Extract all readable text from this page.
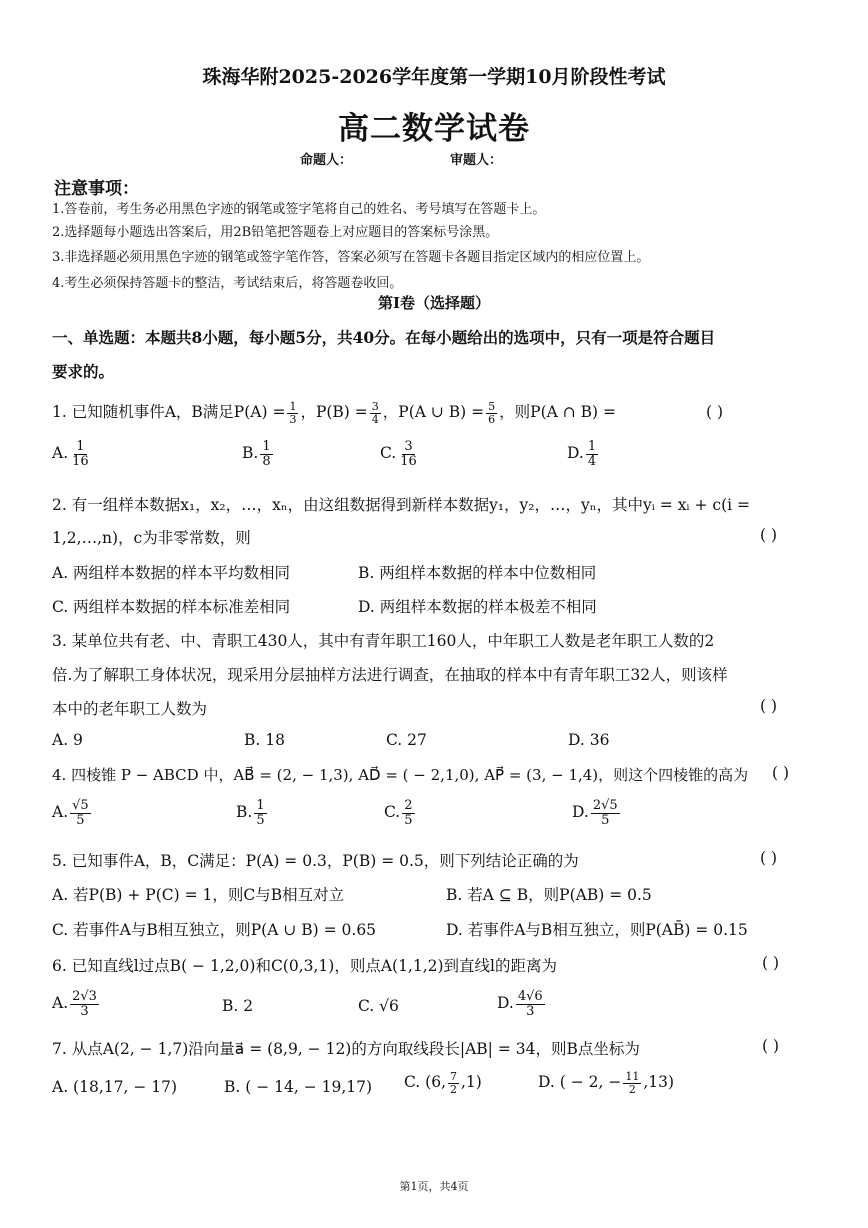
珠海华附2025-2026学年度第一学期10月阶段性考试
高二数学试卷
命题人：	审题人：
注意事项：
1.答卷前，考生务必用黑色字迹的钢笔或签字笔将自己的姓名、考号填写在答题卡上。
2.选择题每小题选出答案后，用2B铅笔把答题卷上对应题目的答案标号涂黑。
3.非选择题必须用黑色字迹的钢笔或签字笔作答，答案必须写在答题卡各题目指定区域内的相应位置上。
4.考生必须保持答题卡的整洁，考试结束后，将答题卷收回。
第Ⅰ卷（选择题）
一、单选题：本题共8小题，每小题5分，共40分。在每小题给出的选项中，只有一项是符合题目
要求的。
1. 已知随机事件A，B满足$P(A) = \frac{1}{3}$ ，$P(B) = \frac{3}{4}$ ，P(A ∪ $B) = \frac{5}{6}$ ，则P(A ∩ B) =	( )
A. $\frac{1}{16}$	B. $\frac{1}{8}$	C. $\frac{3}{16}$	D. $\frac{1}{4}$
2. 有一组样本数据x₁，x₂，…，xₙ，由这组数据得到新样本数据y₁，y₂，…，yₙ，其中yᵢ = xᵢ + c(i =
1,2,…,n)，c为非零常数，则	( )
A. 两组样本数据的样本平均数相同	B. 两组样本数据的样本中位数相同
C. 两组样本数据的样本标准差相同	D. 两组样本数据的样本极差不相同
3. 某单位共有老、中、青职工430人，其中有青年职工160人，中年职工人数是老年职工人数的2
倍.为了解职工身体状况，现采用分层抽样方法进行调查，在抽取的样本中有青年职工32人，则该样
本中的老年职工人数为	( )
A. 9	B. 18	C. 27	D. 36
4. 四棱锥 P − ABCD 中，AB⃗ = (2, − 1,3), AD⃗ = ( − 2,1,0), AP⃗ = (3, − 1,4)，则这个四棱锥的高为 ( )
A. $\frac{√5}{5}$	B. $\frac{1}{5}$	C. $\frac{2}{5}$	D. $\frac{2√5}{5}$
5. 已知事件A，B，C满足：P(A) = 0.3，P(B) = 0.5，则下列结论正确的为	( )
A. 若P(B) + P(C) = 1，则C与B相互对立	B. 若A ⊆ B，则P(AB) = 0.5
C. 若事件A与B相互独立，则P(A ∪ B) = 0.65	D. 若事件A与B相互独立，则P(AB̄) = 0.15
6. 已知直线l过点B( − 1,2,0)和C(0,3,1)，则点A(1,1,2)到直线l的距离为	( )
A. $\frac{2√3}{3}$	B. 2	C. √6	D. $\frac{4√6}{3}$
7. 从点A(2, − 1,7)沿向量a⃗ = (8,9, − 12)的方向取线段长|AB| = 34，则B点坐标为	( )
A. (18,17, − 17)	B. ( − 14, − 19,17) C. (6, $\frac{7}{2} ,1$)	D. ( − 2, − $\frac{11}{2} ,13$)
第1页，共4页
